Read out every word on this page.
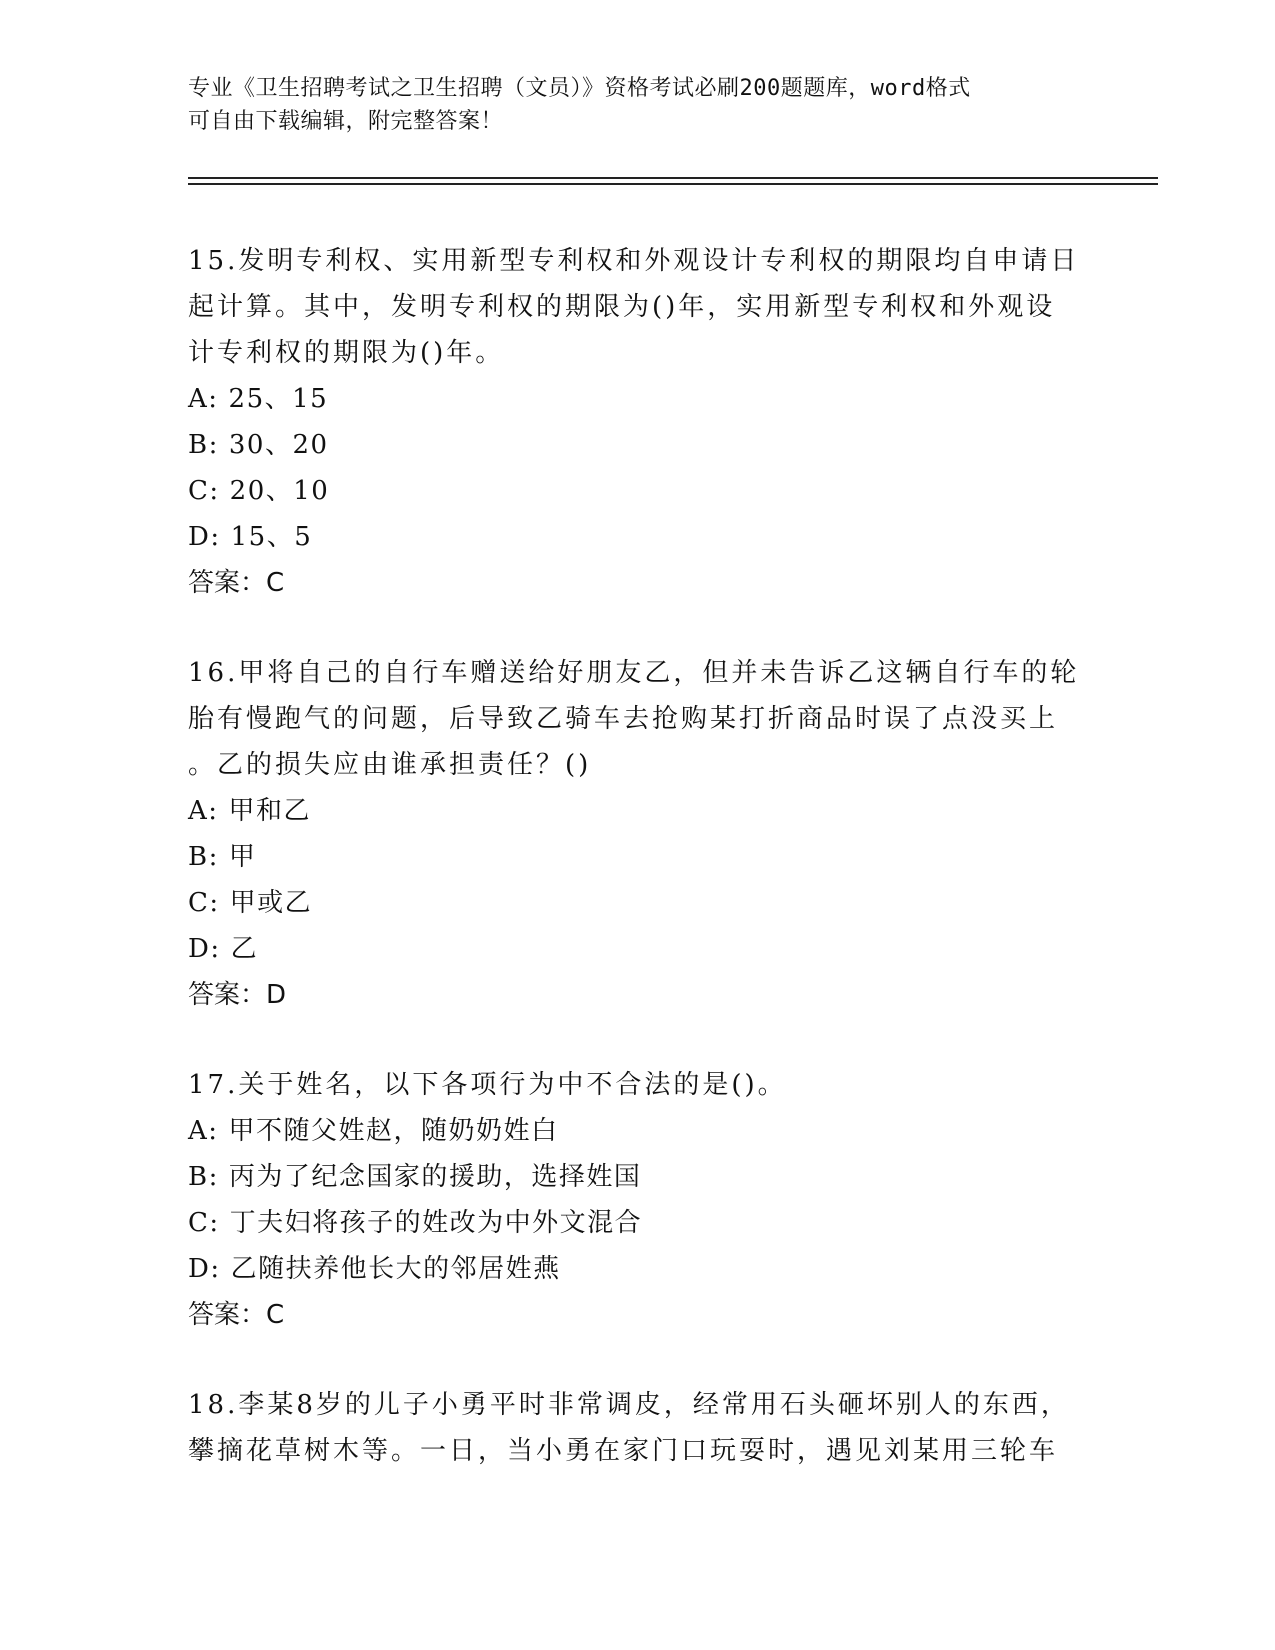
专业《卫生招聘考试之卫生招聘（文员）》资格考试必刷200题题库，word格式
可自由下载编辑，附完整答案！

15.发明专利权、实用新型专利权和外观设计专利权的期限均自申请日

起计算。其中，发明专利权的期限为()年，实用新型专利权和外观设

计专利权的期限为()年。

A: 25、15

B: 30、20

C: 20、10

D: 15、5

答案：C

16.甲将自己的自行车赠送给好朋友乙，但并未告诉乙这辆自行车的轮

胎有慢跑气的问题，后导致乙骑车去抢购某打折商品时误了点没买上

。乙的损失应由谁承担责任？()

A: 甲和乙

B: 甲

C: 甲或乙

D: 乙

答案：D

17.关于姓名，以下各项行为中不合法的是()。

A: 甲不随父姓赵，随奶奶姓白

B: 丙为了纪念国家的援助，选择姓国

C: 丁夫妇将孩子的姓改为中外文混合

D: 乙随扶养他长大的邻居姓燕

答案：C

18.李某8岁的儿子小勇平时非常调皮，经常用石头砸坏别人的东西，

攀摘花草树木等。一日，当小勇在家门口玩耍时，遇见刘某用三轮车
